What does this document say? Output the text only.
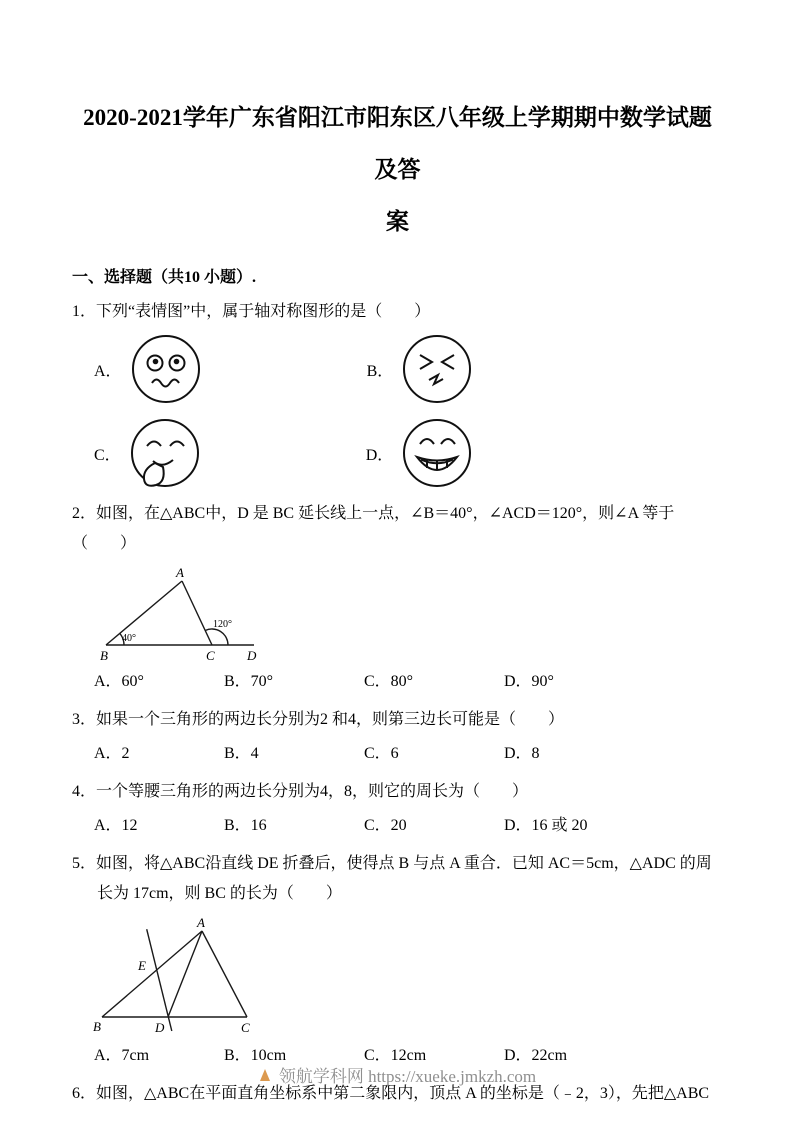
2020-2021学年广东省阳江市阳东区八年级上学期期中数学试题及答
案
一、选择题（共10 小题）.

1．下列“表情图”中，属于轴对称图形的是（　　）

A．	B．
C．	D．

2．如图，在△ABC中，D 是 BC 延长线上一点，∠B＝40°，∠ACD＝120°，则∠A 等于（　　）

40°
120°
A
B	C D
A．60°	B．70°	C．80°	D．90°

3．如果一个三角形的两边长分别为2 和4，则第三边长可能是（　　）

A．2	B．4	C．6	D．8

4．一个等腰三角形的两边长分别为4，8，则它的周长为（　　）

A．12	B．16	C．20	D．16 或 20

5．如图，将△ABC沿直线 DE 折叠后，使得点 B 与点 A 重合．已知 AC＝5cm，△ADC 的周长为 17cm，则 BC 的长为（　　）

A
B	C
D
E
A．7cm	B．10cm	C．12cm	D．22cm

6．如图，△ABC在平面直角坐标系中第二象限内，顶点 A 的坐标是（﹣2，3），先把△ABC

领航学科网 https://xueke.jmkzh.com
